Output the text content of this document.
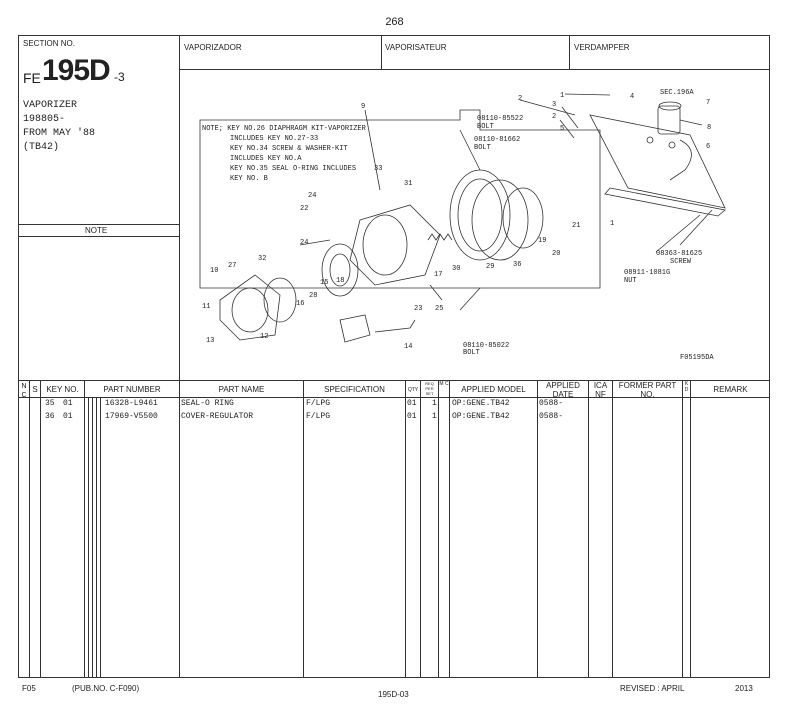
268
SECTION NO.
FE 195D -3
VAPORIZER
198805-
FROM MAY '88
(TB42)
NOTE
VAPORIZADOR	VAPORISATEUR	VERDAMPFER
NOTE; KEY NO.26 DIAPHRAGM KIT-VAPORIZER
INCLUDES KEY NO.27-33
KEY NO.34 SCREW & WASHER-KIT
INCLUDES KEY NO.A
KEY NO.35 SEAL O-RING INCLUDES
KEY NO. B
SEC.196A
08110-85522
BOLT
08110-81662
BOLT
08363-81625
SCREW
08911-1081G
NUT
08110-85022
BOLT
F05195DA
9
2
3
1	4
2
5
7
8
6
1
21
20
19
36
29
30
17
33
31
24
22
24
32
27
10
11
13	12
16
28
15 18
23 25
14
N C
S	KEY NO.	PART NUMBER	PART NAME	SPECIFICATION	QTY
REQ PER SET
M C
APPLIED MODEL	APPLIED DATE
ICA NF
FORMER PART NO.
K D	REMARK
35 01	16328-L9461	SEAL-O RING	F/LPG	01 1 OP:GENE.TB42	0588-
36 01	17969-V5500	COVER-REGULATOR	F/LPG	01 1 OP:GENE.TB42	0588-
F05	(PUB.NO. C-F090)
195D-03
REVISED : APRIL	2013
